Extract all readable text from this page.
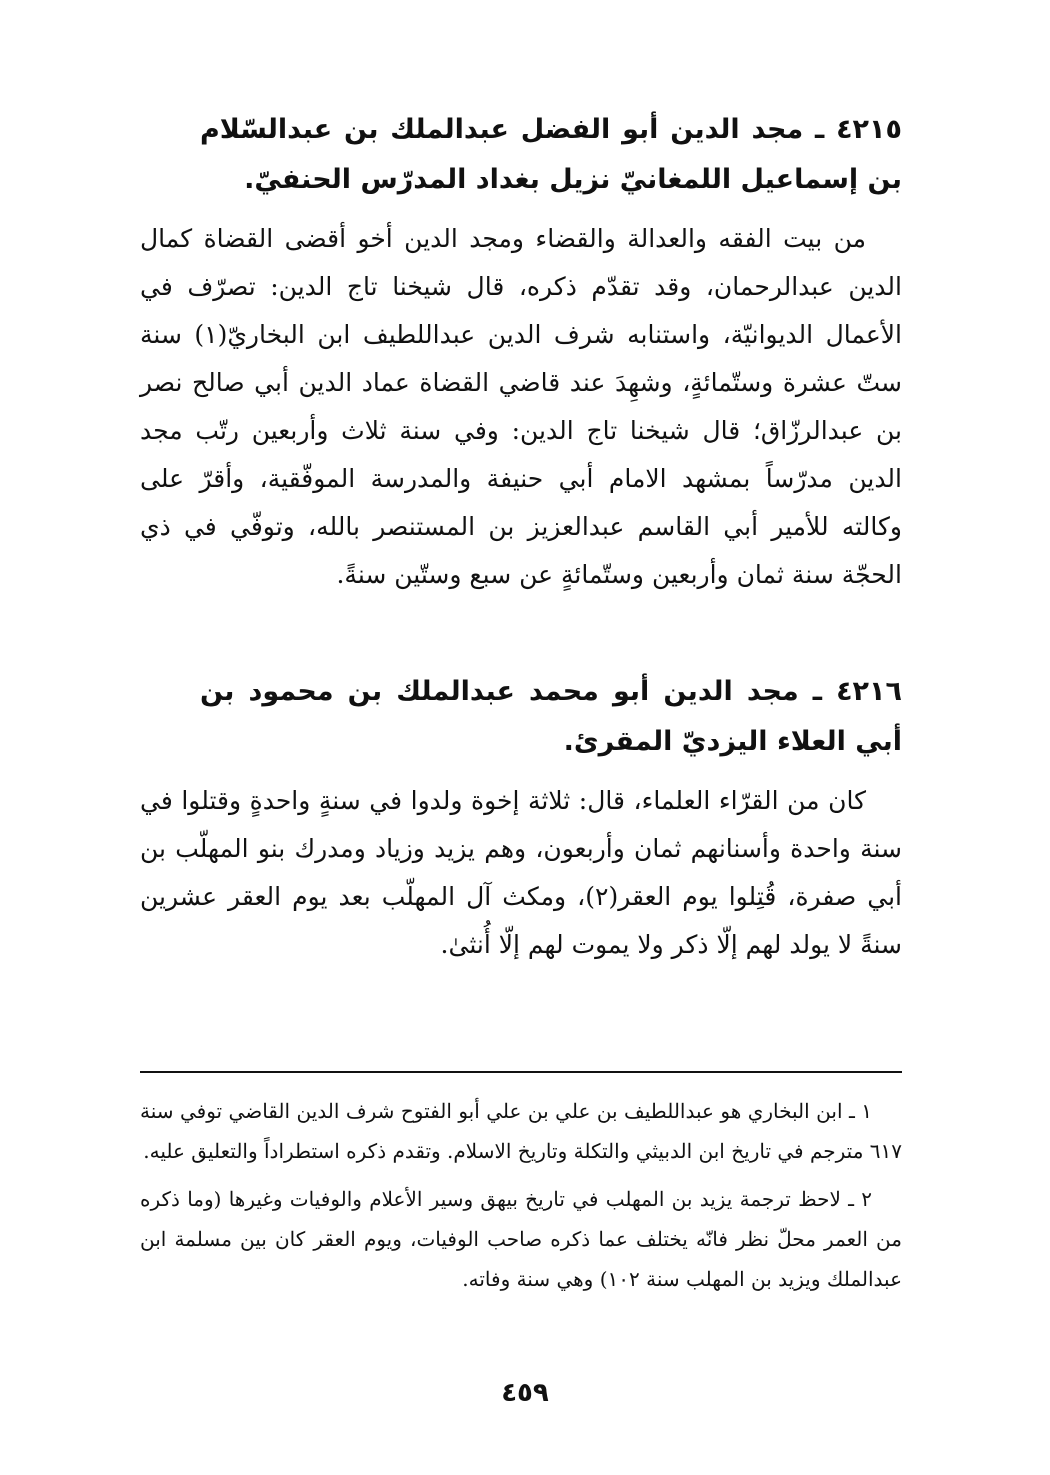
٤٢١٥ ـ مجد الدين أبو الفضل عبدالملك بن عبدالسّلام بن إسماعيل اللمغانيّ نزيل بغداد المدرّس الحنفيّ.

من بيت الفقه والعدالة والقضاء ومجد الدين أخو أقضى القضاة كمال الدين عبدالرحمان، وقد تقدّم ذكره، قال شيخنا تاج الدين: تصرّف في الأعمال الديوانيّة، واستنابه شرف الدين عبداللطيف ابن البخاريّ(١) سنة ستّ عشرة وستّمائةٍ، وشهِدَ عند قاضي القضاة عماد الدين أبي صالح نصر بن عبدالرزّاق؛ قال شيخنا تاج الدين: وفي سنة ثلاث وأربعين رتّب مجد الدين مدرّساً بمشهد الامام أبي حنيفة والمدرسة الموفّقية، وأقرّ على وكالته للأمير أبي القاسم عبدالعزيز بن المستنصر بالله، وتوفّي في ذي الحجّة سنة ثمان وأربعين وستّمائةٍ عن سبع وستّين سنةً.

٤٢١٦ ـ مجد الدين أبو محمد عبدالملك بن محمود بن أبي العلاء اليزديّ المقرئ.

كان من القرّاء العلماء، قال: ثلاثة إخوة ولدوا في سنةٍ واحدةٍ وقتلوا في سنة واحدة وأسنانهم ثمان وأربعون، وهم يزيد وزياد ومدرك بنو المهلّب بن أبي صفرة، قُتِلوا يوم العقر(٢)، ومكث آل المهلّب بعد يوم العقر عشرين سنةً لا يولد لهم إلّا ذكر ولا يموت لهم إلّا أُنثىٰ.

١ ـ ابن البخاري هو عبداللطيف بن علي بن علي أبو الفتوح شرف الدين القاضي توفي سنة ٦١٧ مترجم في تاريخ ابن الدبيثي والتكلة وتاريخ الاسلام. وتقدم ذكره استطراداً والتعليق عليه.

٢ ـ لاحظ ترجمة يزيد بن المهلب في تاريخ بيهق وسير الأعلام والوفيات وغيرها (وما ذكره من العمر محلّ نظر فانّه يختلف عما ذكره صاحب الوفيات، ويوم العقر كان بين مسلمة ابن عبدالملك ويزيد بن المهلب سنة ١٠٢) وهي سنة وفاته.

٤٥٩
